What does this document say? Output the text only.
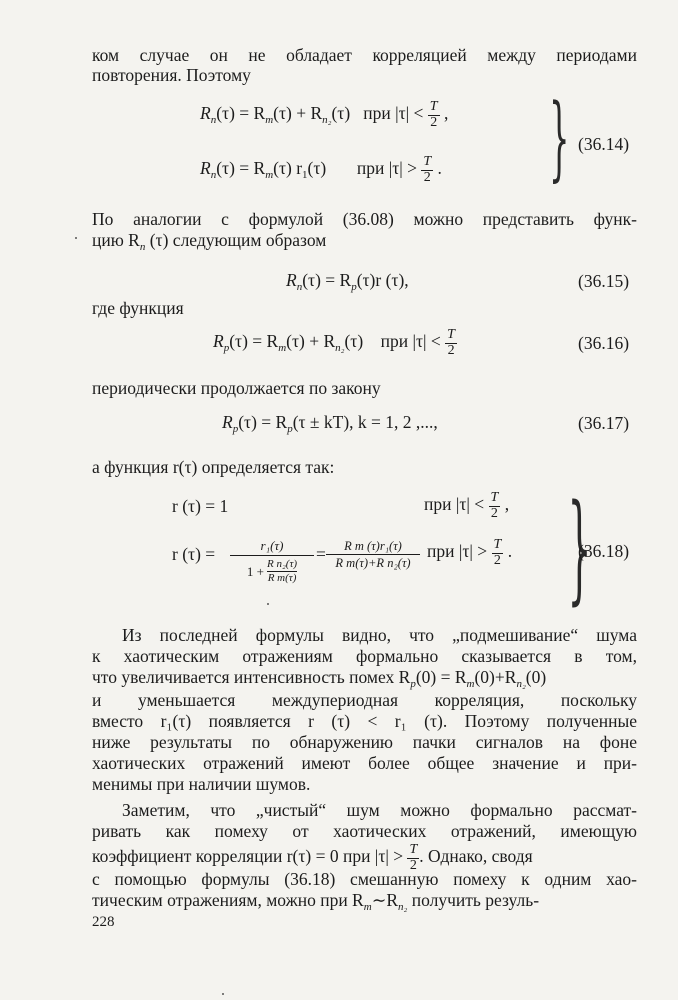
ком случае он не обладает корреляцией между периодами
повторения. Поэтому
$R_n(\tau) = R_m(\tau) + R_{n_2}(\tau)$ при $|\tau| < \frac{T}{2}$ ,
$R_n(\tau) = R_m(\tau)$ $r_1(\tau)$ при $|\tau| > \frac{T}{2}$ . } (36.14)
По аналогии с формулой (36.08) можно представить функ-
цию $R_n$ (τ) следующим образом
$R_n(\tau) = R_p(\tau)r$ (τ),	(36.15)
где функция
$R_p(\tau) = R_m(\tau) + R_{n_2}(\tau)$ при $|\tau| < \frac{T}{2}$	(36.16)
периодически продолжается по закону
$R_p(\tau) = R_p(\tau \pm kT)$, k = 1, 2 ,...,	(36.17)
а функция r(τ) определяется так:
r (τ) = 1	при $|\tau| < \frac{T}{2}$ ,
r (τ) =	r₁(τ)
$1 + \frac{\text{R n₂(τ)}}{\text{R m(τ)}}$
=	R m (τ)r₁(τ)
R m(τ)+R n₂(τ)
при $|\tau| > \frac{T}{2}$ . }
(36.18)
Из последней формулы видно, что „подмешивание“ шума
к хаотическим отражениям формально сказывается в том,
что увеличивается интенсивность помех $R_p(0) = R_m(0)+R_{n_2}(0)$
и уменьшается междупериодная корреляция, поскольку
вместо r₁(τ) появляется r (τ) < r₁ (τ). Поэтому полученные
ниже результаты по обнаружению пачки сигналов на фоне
хаотических отражений имеют более общее значение и при-
менимы при наличии шумов.
Заметим, что „чистый“ шум можно формально рассмат-
ривать как помеху от хаотических отражений, имеющую
коэффициент корреляции r(τ) = 0 при $|\tau| > \frac{T}{2}$ . Однако, сводя
с помощью формулы (36.18) смешанную помеху к одним хао-
тическим отражениям, можно при $R_m\sim R_{n_2}$ получить резуль-
228
